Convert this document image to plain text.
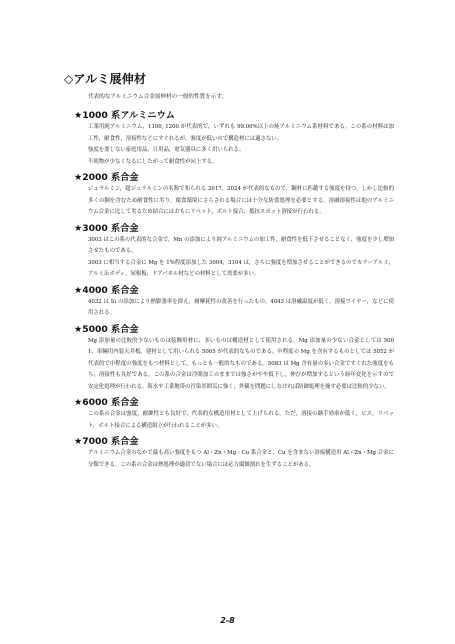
◇アルミ展伸材
代表的なアルミニウム合金展伸材の一般的性質を示す。
★1000 系アルミニウム

工業用純アルミニウム，1100, 1200 が代表的で，いずれも 99.00%以上の純アルミニウム系材料である。この系の材料は加工性，耐食性，溶接性などにすぐれるが，強度が低いので構造材には適さない。

強度を要しない家庭用品，日用品，電気器具に多く用いられる。

不純物が少なくなるにしたがって耐食性が向上する。

★2000 系合金

ジュラルミン，超ジュラルミンの名称で知られる 2017，2024 が代表的なもので，鋼材に匹敵する強度を持つ。しかし比較的多くの銅を含むため耐食性に劣り，腐食環境にさらされる場合には十分な防食処理を必要とする。溶融溶接性は他のアルミニウム合金に比して劣るため結合にはおもにリベット，ボルト接合，抵抗スポット溶接が行われる。

★3000 系合金

3003 はこの系の代表的な合金で，Mn の添加により純アルミニウムの加工性，耐食性を低下させることなく，強度を少し増加させたものである。

3003 に相当する合金に Mg を 1%程度添加した 3004，3104 は，さらに強度を増加させることができるのでカラーアルミ，アルミ缶ボディ，屋根板，ドアパネル材などの材料として需要が多い。

★4000 系合金

4032 は Si の添加により熱膨張率を抑え，耐摩耗性の改善を行ったもの。4043 は溶融温度が低く，溶接ワイヤー，などに使用される。

★5000 系合金

Mg 添加量の比較的少ないものは装飾用材に，多いものは構造材として使用される。Mg 添加量の少ない合金としては 5001，車輛用内装天井板，建材として用いられる 5005 が代表的なものである。中程度の Mg を含有するものとしては 5052 が代表的で中程度の強度をもつ材料として，もっとも一般的なものである。5083 は Mg 含有量の多い合金ですぐれた強度をもち，溶接性も良好である。この系の合金は冷間加工のままでは強さがやや低下し，伸びが増加するという経年変化を示すので安定化処理が行われる。海水や工業地帯の汚染雰囲気に強く，外観を問題にしなければ防蝕処理を施す必要は比較的少ない。

★6000 系合金

この系の合金は強度，耐蝕性とも良好で，代表的な構造用材として上げられる。ただ，溶接の継手効率が低く，ビス，リベット，ボルト接合による構造組立が行われることが多い。

★7000 系合金

アルミニウム合金のなかで最も高い強度をもつ Al・Zn・Mg・Cu 系合金と，Cu を含まない溶接構造用 Al・Zn・Mg 合金に分類できる。この系の合金は熱処理が適切でない場合には応力腐蝕割れを生ずることがある。

2-8
